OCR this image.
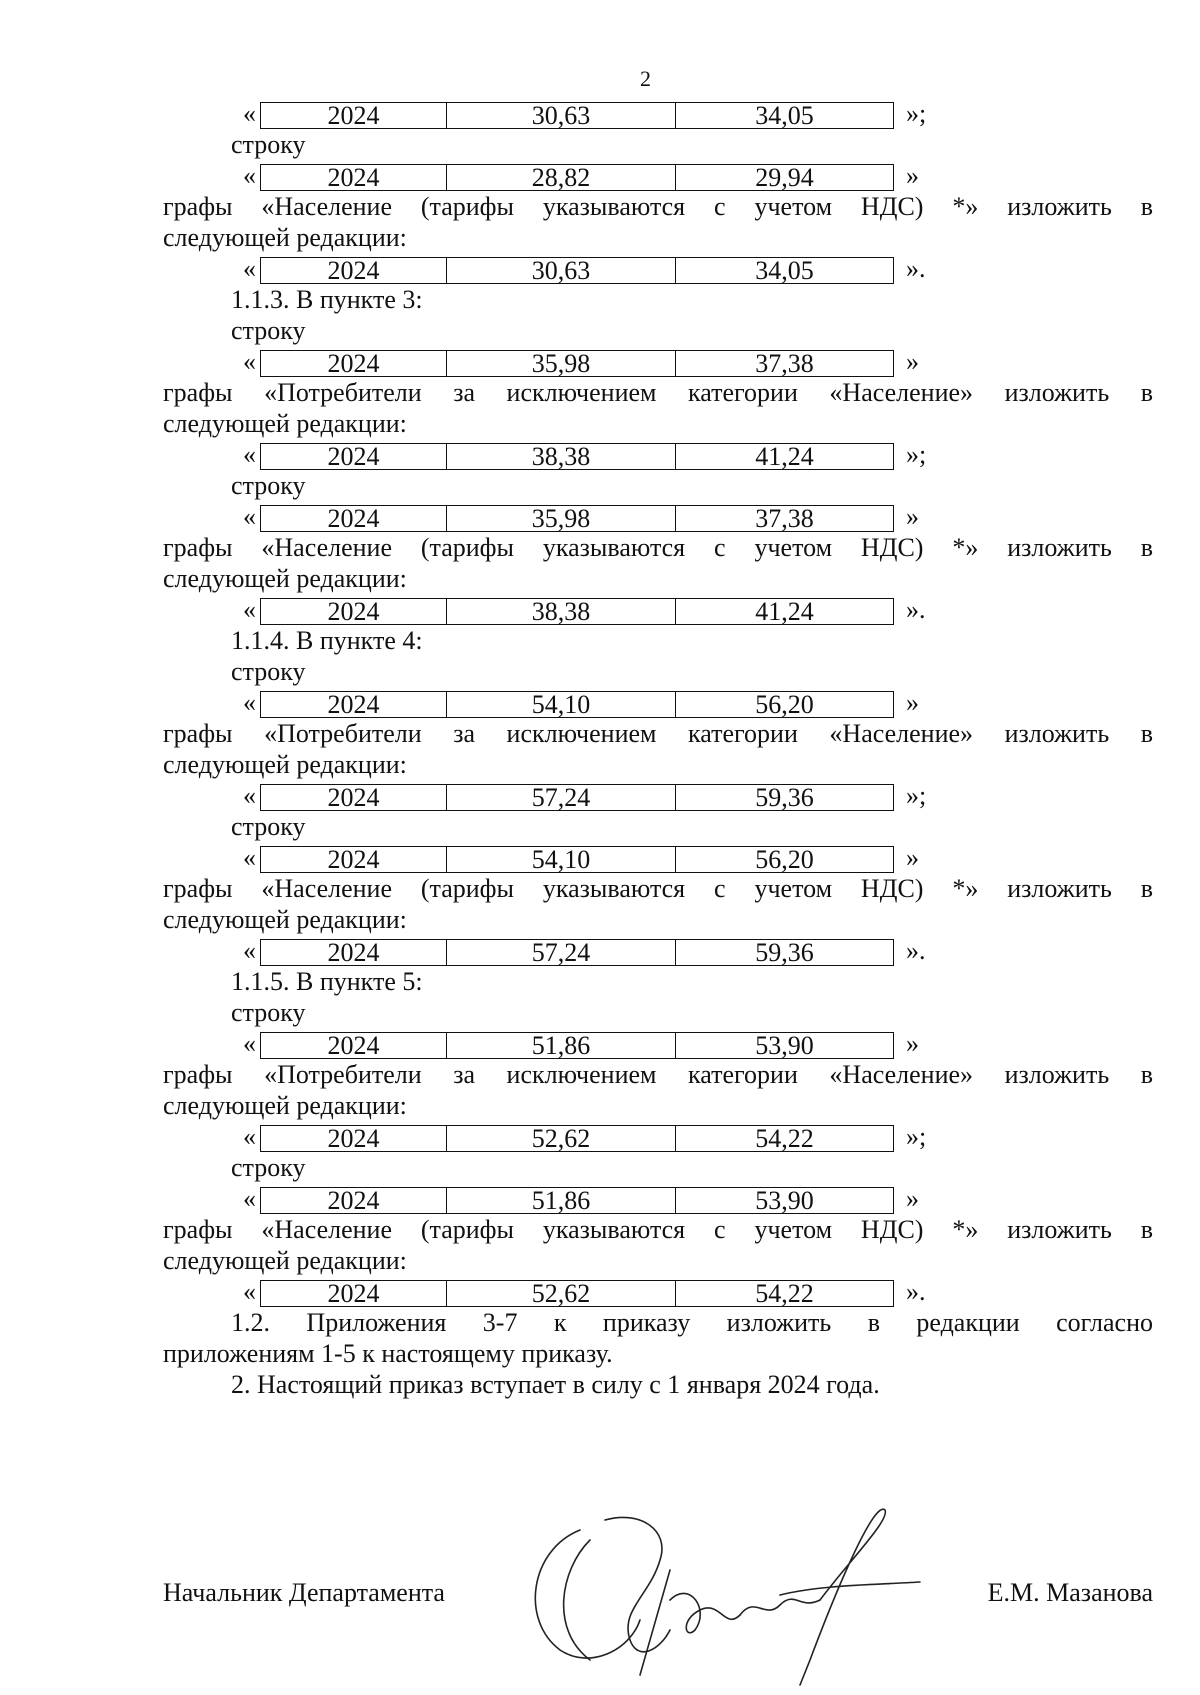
2
«	2024	30,63	34,05	»;
строку
«	2024	28,82	29,94	»
графы «Население (тарифы указываются с учетом НДС) *» изложить в
следующей редакции:
«	2024	30,63	34,05	».
1.1.3. В пункте 3:
строку
«	2024	35,98	37,38	»
графы «Потребители за исключением категории «Население» изложить в
следующей редакции:
«	2024	38,38	41,24	»;
строку
«	2024	35,98	37,38	»
графы «Население (тарифы указываются с учетом НДС) *» изложить в
следующей редакции:
«	2024	38,38	41,24	».
1.1.4. В пункте 4:
строку
«	2024	54,10	56,20	»
графы «Потребители за исключением категории «Население» изложить в
следующей редакции:
«	2024	57,24	59,36	»;
строку
«	2024	54,10	56,20	»
графы «Население (тарифы указываются с учетом НДС) *» изложить в
следующей редакции:
«	2024	57,24	59,36	».
1.1.5. В пункте 5:
строку
«	2024	51,86	53,90	»
графы «Потребители за исключением категории «Население» изложить в
следующей редакции:
«	2024	52,62	54,22	»;
строку
«	2024	51,86	53,90	»
графы «Население (тарифы указываются с учетом НДС) *» изложить в
следующей редакции:
«	2024	52,62	54,22	».
1.2. Приложения 3-7 к приказу изложить в редакции согласно
приложениям 1-5 к настоящему приказу.
2. Настоящий приказ вступает в силу с 1 января 2024 года.
Начальник Департамента	Е.М. Мазанова
